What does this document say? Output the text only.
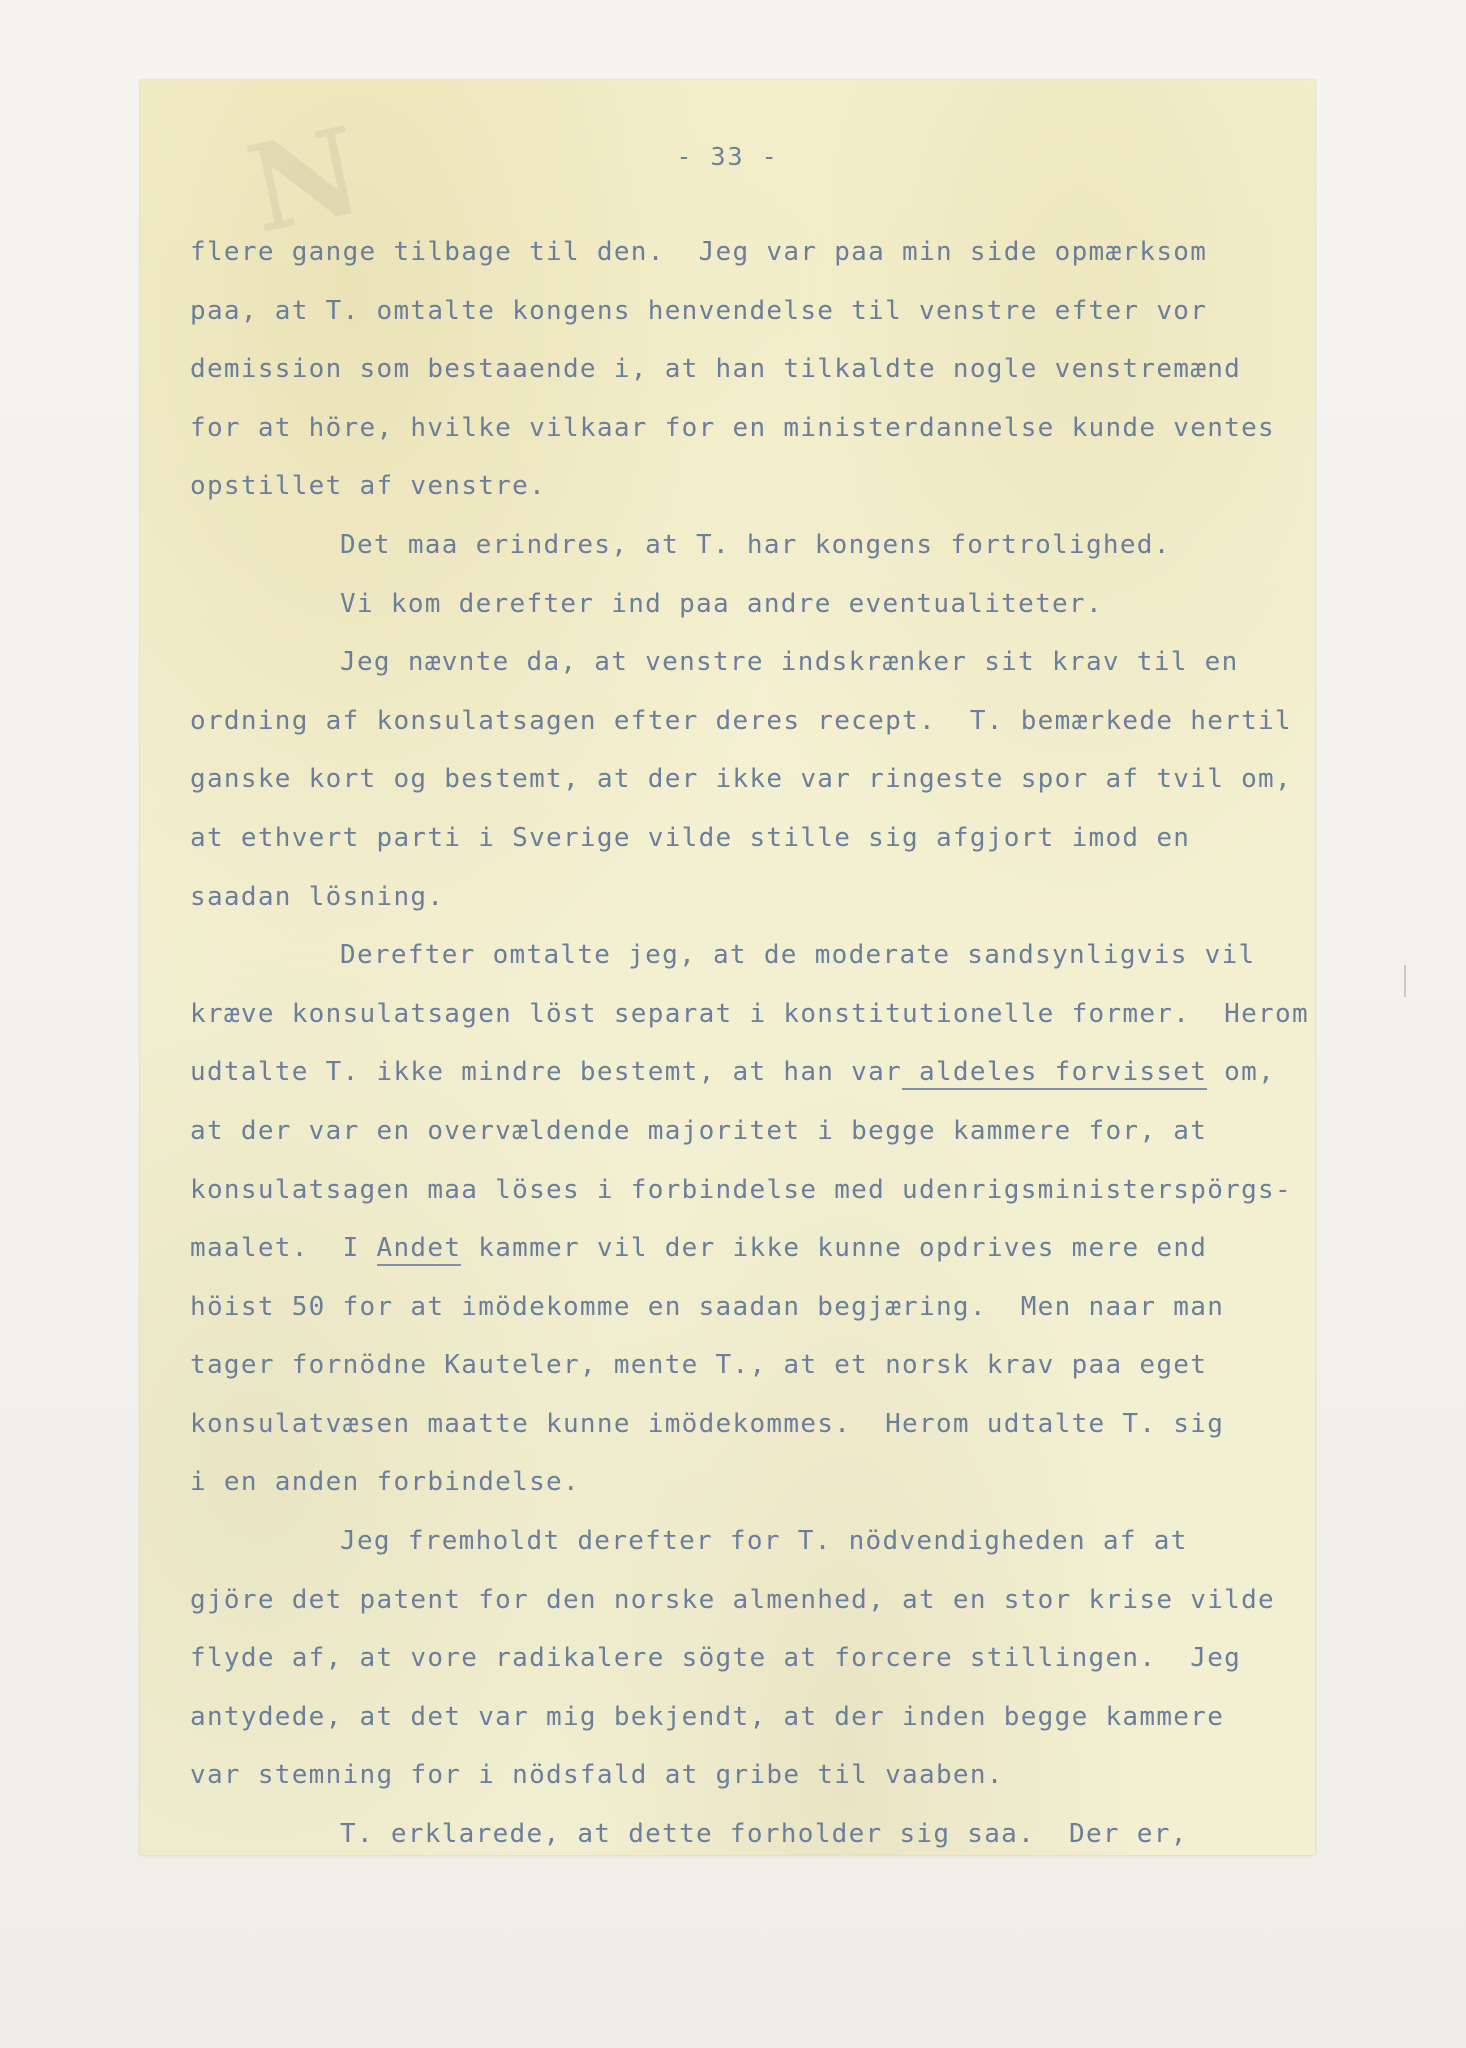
N	- 33 -
flere gange tilbage til den.  Jeg var paa min side opmærksom
paa, at T. omtalte kongens henvendelse til venstre efter vor
demission som bestaaende i, at han tilkaldte nogle venstremænd
for at höre, hvilke vilkaar for en ministerdannelse kunde ventes
opstillet af venstre.
Det maa erindres, at T. har kongens fortrolighed.
Vi kom derefter ind paa andre eventualiteter.
Jeg nævnte da, at venstre indskrænker sit krav til en
ordning af konsulatsagen efter deres recept.  T. bemærkede hertil
ganske kort og bestemt, at der ikke var ringeste spor af tvil om,
at ethvert parti i Sverige vilde stille sig afgjort imod en
saadan lösning.
Derefter omtalte jeg, at de moderate sandsynligvis vil
kræve konsulatsagen löst separat i konstitutionelle former.  Herom
udtalte T. ikke mindre bestemt, at han var aldeles forvisset om,
at der var en overvældende majoritet i begge kammere for, at
konsulatsagen maa löses i forbindelse med udenrigsministerspörgs-
maalet.  I Andet kammer vil der ikke kunne opdrives mere end
höist 50 for at imödekomme en saadan begjæring.  Men naar man
tager fornödne Kauteler, mente T., at et norsk krav paa eget
konsulatvæsen maatte kunne imödekommes.  Herom udtalte T. sig
i en anden forbindelse.
Jeg fremholdt derefter for T. nödvendigheden af at
gjöre det patent for den norske almenhed, at en stor krise vilde
flyde af, at vore radikalere sögte at forcere stillingen.  Jeg
antydede, at det var mig bekjendt, at der inden begge kammere
var stemning for i nödsfald at gribe til vaaben.
T. erklarede, at dette forholder sig saa.  Der er,
